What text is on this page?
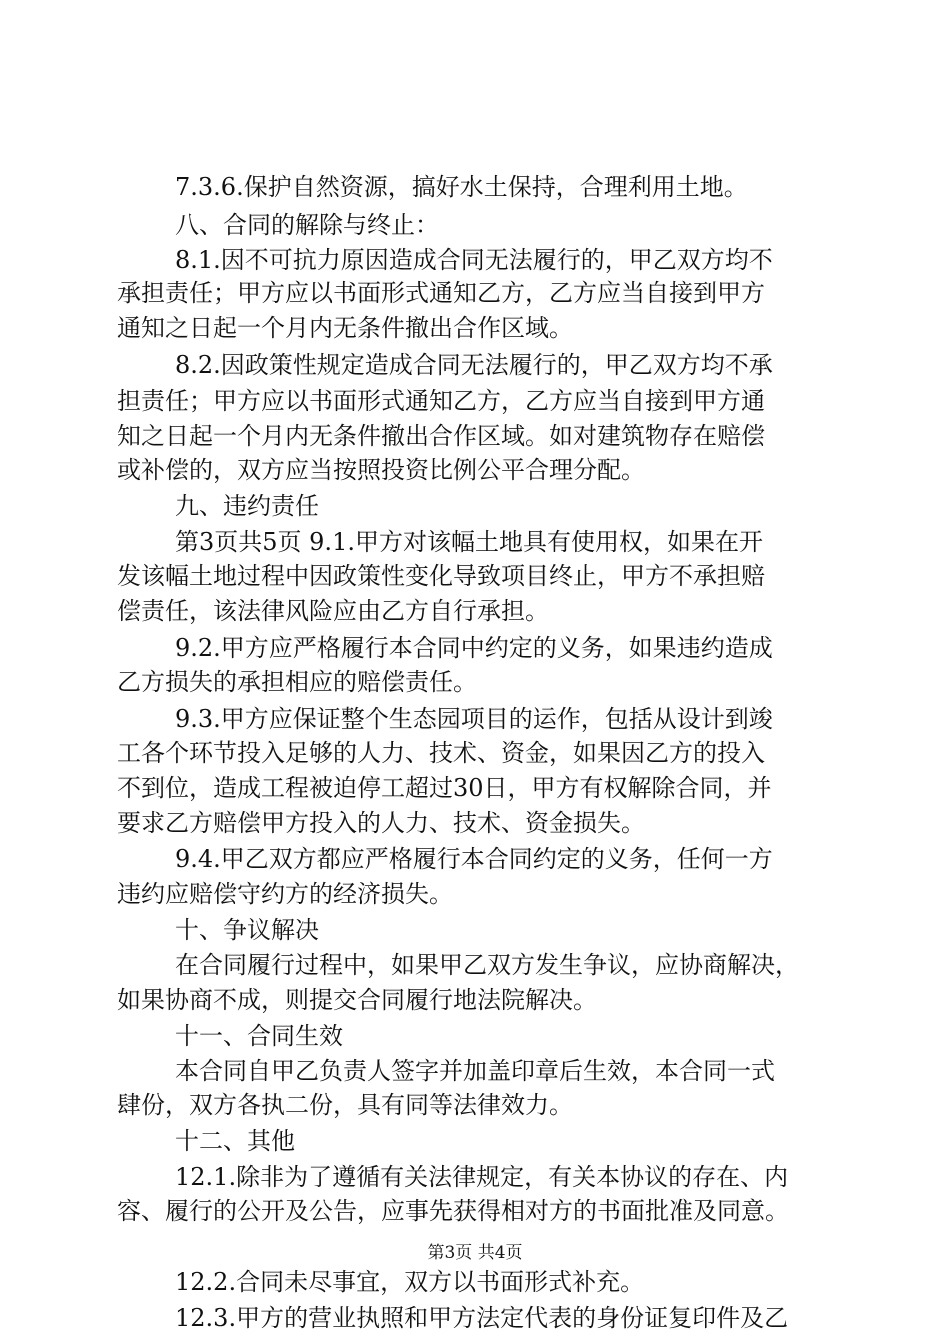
7.3.6.保护自然资源，搞好水土保持，合理利用土地。
八、合同的解除与终止：
8.1.因不可抗力原因造成合同无法履行的，甲乙双方均不
承担责任；甲方应以书面形式通知乙方，乙方应当自接到甲方
通知之日起一个月内无条件撤出合作区域。
8.2.因政策性规定造成合同无法履行的，甲乙双方均不承
担责任；甲方应以书面形式通知乙方，乙方应当自接到甲方通
知之日起一个月内无条件撤出合作区域。如对建筑物存在赔偿
或补偿的，双方应当按照投资比例公平合理分配。
九、违约责任
第3页共5页 9.1.甲方对该幅土地具有使用权，如果在开
发该幅土地过程中因政策性变化导致项目终止，甲方不承担赔
偿责任，该法律风险应由乙方自行承担。
9.2.甲方应严格履行本合同中约定的义务，如果违约造成
乙方损失的承担相应的赔偿责任。
9.3.甲方应保证整个生态园项目的运作，包括从设计到竣
工各个环节投入足够的人力、技术、资金，如果因乙方的投入
不到位，造成工程被迫停工超过30日，甲方有权解除合同，并
要求乙方赔偿甲方投入的人力、技术、资金损失。
9.4.甲乙双方都应严格履行本合同约定的义务，任何一方
违约应赔偿守约方的经济损失。
十、争议解决
在合同履行过程中，如果甲乙双方发生争议，应协商解决，
如果协商不成，则提交合同履行地法院解决。
十一、合同生效
本合同自甲乙负责人签字并加盖印章后生效，本合同一式
肆份，双方各执二份，具有同等法律效力。
十二、其他
12.1.除非为了遵循有关法律规定，有关本协议的存在、内
容、履行的公开及公告，应事先获得相对方的书面批准及同意。
12.2.合同未尽事宜，双方以书面形式补充。
12.3.甲方的营业执照和甲方法定代表的身份证复印件及乙
第3页 共4页
